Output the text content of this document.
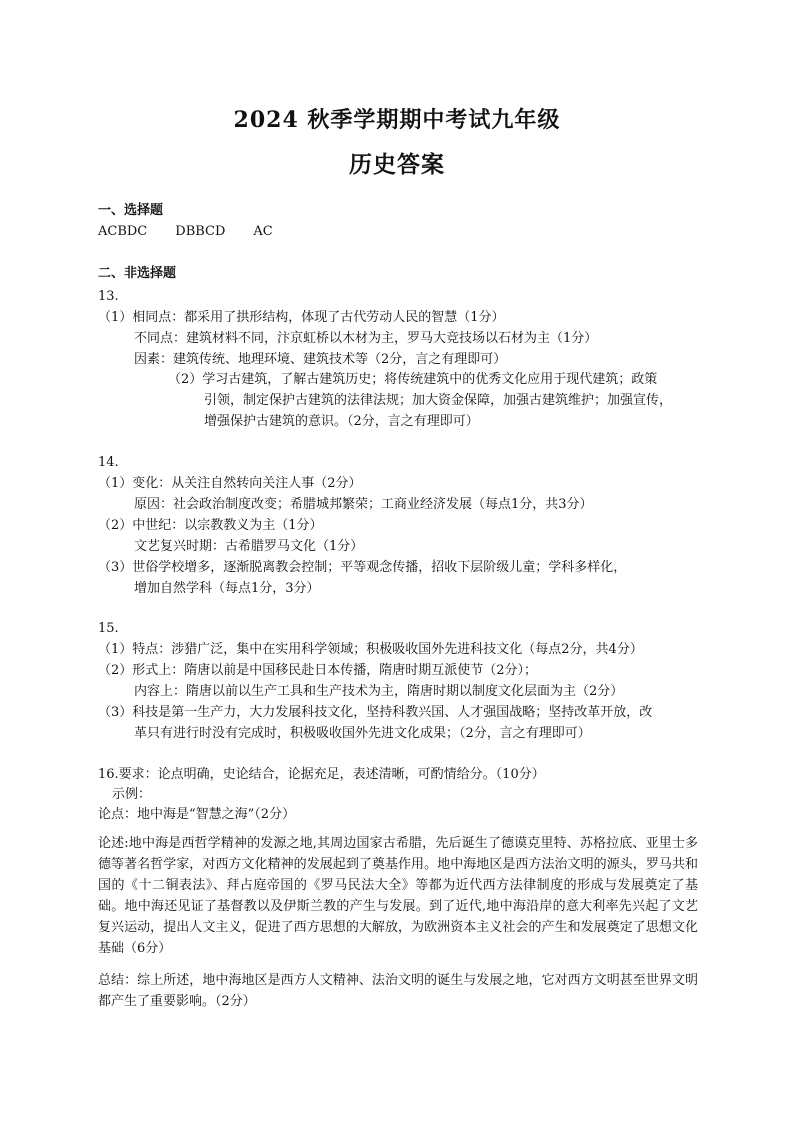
2024 秋季学期期中考试九年级
历史答案
一、选择题
ACBDC DBBCD AC
二、非选择题
13.
（1）相同点：都采用了拱形结构，体现了古代劳动人民的智慧（1分）
不同点：建筑材料不同，汴京虹桥以木材为主，罗马大竞技场以石材为主（1分）
因素：建筑传统、地理环境、建筑技术等（2分，言之有理即可）
（2）学习古建筑，了解古建筑历史；将传统建筑中的优秀文化应用于现代建筑；政策
引领，制定保护古建筑的法律法规；加大资金保障，加强古建筑维护；加强宣传，
增强保护古建筑的意识。（2分，言之有理即可）
14.
（1）变化：从关注自然转向关注人事（2分）
原因：社会政治制度改变；希腊城邦繁荣；工商业经济发展（每点1分，共3分）
（2）中世纪：以宗教教义为主（1分）
文艺复兴时期：古希腊罗马文化（1分）
（3）世俗学校增多，逐渐脱离教会控制；平等观念传播，招收下层阶级儿童；学科多样化，
增加自然学科（每点1分，3分）
15.
（1）特点：涉猎广泛，集中在实用科学领域；积极吸收国外先进科技文化（每点2分，共4分）
（2）形式上：隋唐以前是中国移民赴日本传播，隋唐时期互派使节（2分）；
内容上：隋唐以前以生产工具和生产技术为主，隋唐时期以制度文化层面为主（2分）
（3）科技是第一生产力，大力发展科技文化，坚持科教兴国、人才强国战略；坚持改革开放，改
革只有进行时没有完成时，积极吸收国外先进文化成果；（2分，言之有理即可）
16.要求：论点明确，史论结合，论据充足，表述清晰，可酌情给分。（10分）
示例：
论点：地中海是“智慧之海”（2分）
论述:地中海是西哲学精神的发源之地,其周边国家古希腊，先后诞生了德谟克里特、苏格拉底、亚里士多德等著名哲学家，对西方文化精神的发展起到了奠基作用。地中海地区是西方法治文明的源头，罗马共和国的《十二铜表法》、拜占庭帝国的《罗马民法大全》等都为近代西方法律制度的形成与发展奠定了基础。地中海还见证了基督教以及伊斯兰教的产生与发展。到了近代,地中海沿岸的意大利率先兴起了文艺复兴运动，提出人文主义，促进了西方思想的大解放，为欧洲资本主义社会的产生和发展奠定了思想文化基础（6分）
总结：综上所述，地中海地区是西方人文精神、法治文明的诞生与发展之地，它对西方文明甚至世界文明都产生了重要影响。（2分）
